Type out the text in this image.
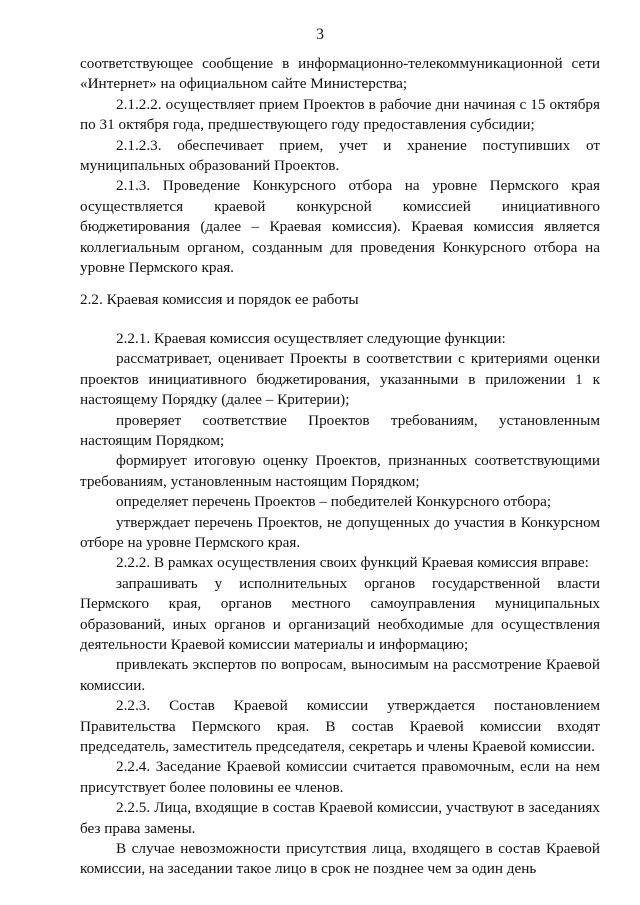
3

соответствующее сообщение в информационно-телекоммуникационной сети «Интернет» на официальном сайте Министерства;

2.1.2.2. осуществляет прием Проектов в рабочие дни начиная с 15 октября по 31 октября года, предшествующего году предоставления субсидии;

2.1.2.3. обеспечивает прием, учет и хранение поступивших от муниципальных образований Проектов.

2.1.3. Проведение Конкурсного отбора на уровне Пермского края осуществляется краевой конкурсной комиссией инициативного бюджетирования (далее – Краевая комиссия). Краевая комиссия является коллегиальным органом, созданным для проведения Конкурсного отбора на уровне Пермского края.

2.2. Краевая комиссия и порядок ее работы

2.2.1. Краевая комиссия осуществляет следующие функции:

рассматривает, оценивает Проекты в соответствии с критериями оценки проектов инициативного бюджетирования, указанными в приложении 1 к настоящему Порядку (далее – Критерии);

проверяет соответствие Проектов требованиям, установленным настоящим Порядком;

формирует итоговую оценку Проектов, признанных соответствующими требованиям, установленным настоящим Порядком;

определяет перечень Проектов – победителей Конкурсного отбора;

утверждает перечень Проектов, не допущенных до участия в Конкурсном отборе на уровне Пермского края.

2.2.2. В рамках осуществления своих функций Краевая комиссия вправе:

запрашивать у исполнительных органов государственной власти Пермского края, органов местного самоуправления муниципальных образований, иных органов и организаций необходимые для осуществления деятельности Краевой комиссии материалы и информацию;

привлекать экспертов по вопросам, выносимым на рассмотрение Краевой комиссии.

2.2.3. Состав Краевой комиссии утверждается постановлением Правительства Пермского края. В состав Краевой комиссии входят председатель, заместитель председателя, секретарь и члены Краевой комиссии.

2.2.4. Заседание Краевой комиссии считается правомочным, если на нем присутствует более половины ее членов.

2.2.5. Лица, входящие в состав Краевой комиссии, участвуют в заседаниях без права замены.

В случае невозможности присутствия лица, входящего в состав Краевой комиссии, на заседании такое лицо в срок не позднее чем за один день
